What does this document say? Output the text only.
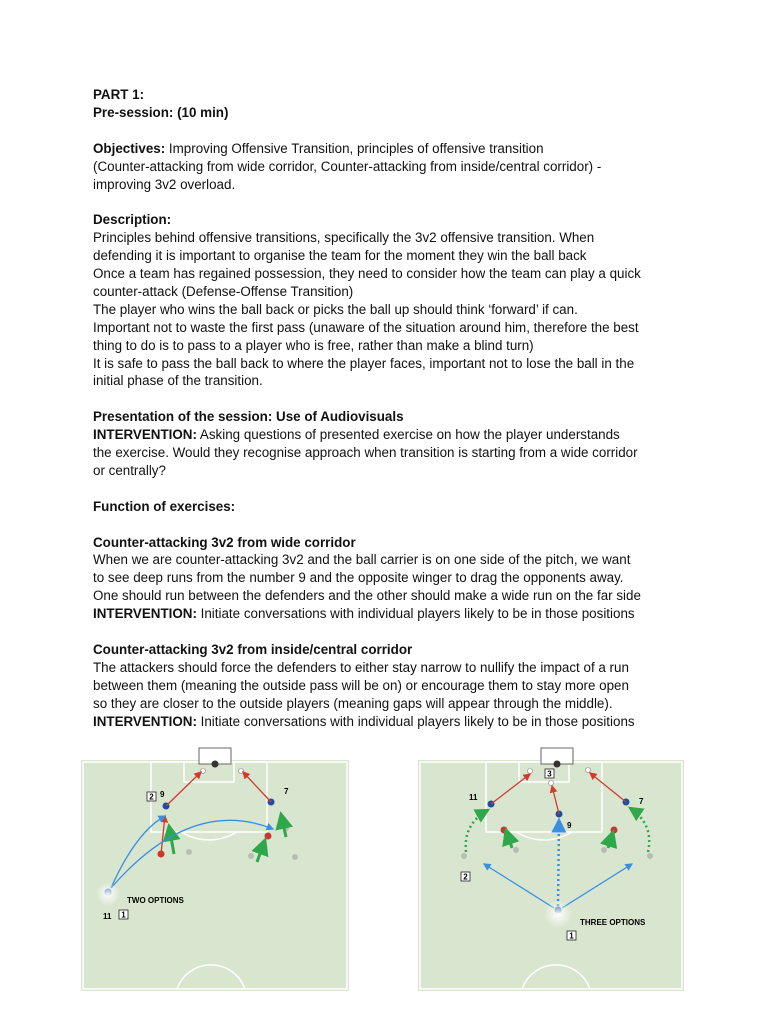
PART 1:

Pre-session: (10 min)

Objectives: Improving Offensive Transition, principles of offensive transition

(Counter-attacking from wide corridor, Counter-attacking from inside/central corridor) -

improving 3v2 overload.

Description:

Principles behind offensive transitions, specifically the 3v2 offensive transition. When

defending it is important to organise the team for the moment they win the ball back

Once a team has regained possession, they need to consider how the team can play a quick

counter-attack (Defense-Offense Transition)

The player who wins the ball back or picks the ball up should think ‘forward’ if can.

Important not to waste the first pass (unaware of the situation around him, therefore the best

thing to do is to pass to a player who is free, rather than make a blind turn)

It is safe to pass the ball back to where the player faces, important not to lose the ball in the

initial phase of the transition.

Presentation of the session: Use of Audiovisuals

INTERVENTION: Asking questions of presented exercise on how the player understands

the exercise. Would they recognise approach when transition is starting from a wide corridor

or centrally?

Function of exercises:

Counter-attacking 3v2 from wide corridor

When we are counter-attacking 3v2 and the ball carrier is on one side of the pitch, we want

to see deep runs from the number 9 and the opposite winger to drag the opponents away.

One should run between the defenders and the other should make a wide run on the far side

INTERVENTION: Initiate conversations with individual players likely to be in those positions

Counter-attacking 3v2 from inside/central corridor

The attackers should force the defenders to either stay narrow to nullify the impact of a run

between them (meaning the outside pass will be on) or encourage them to stay more open

so they are closer to the outside players (meaning gaps will appear through the middle).

INTERVENTION: Initiate conversations with individual players likely to be in those positions

2 9	7
11 1
TWO OPTIONS
3
11
9
7
2
THREE OPTIONS
1
